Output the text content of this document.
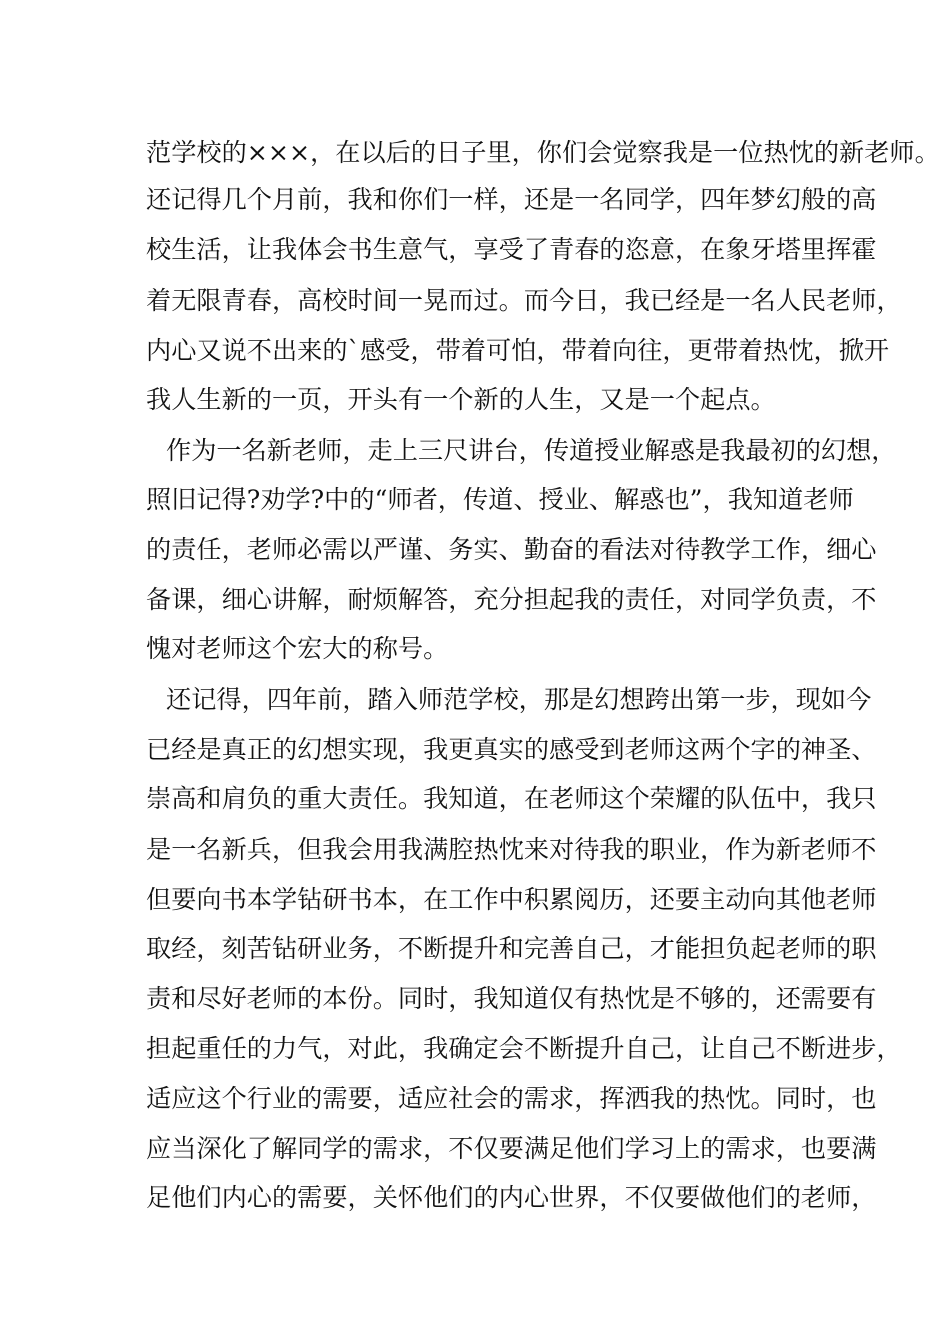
范学校的×××，在以后的日子里，你们会觉察我是一位热忱的新老师。
还记得几个月前，我和你们一样，还是一名同学，四年梦幻般的高
校生活，让我体会书生意气，享受了青春的恣意，在象牙塔里挥霍
着无限青春，高校时间一晃而过。而今日，我已经是一名人民老师，
内心又说不出来的`感受，带着可怕，带着向往，更带着热忱，掀开
我人生新的一页，开头有一个新的人生，又是一个起点。
作为一名新老师，走上三尺讲台，传道授业解惑是我最初的幻想，
照旧记得?劝学?中的“师者，传道、授业、解惑也”，我知道老师
的责任，老师必需以严谨、务实、勤奋的看法对待教学工作，细心
备课，细心讲解，耐烦解答，充分担起我的责任，对同学负责，不
愧对老师这个宏大的称号。
还记得，四年前，踏入师范学校，那是幻想跨出第一步，现如今
已经是真正的幻想实现，我更真实的感受到老师这两个字的神圣、
崇高和肩负的重大责任。我知道，在老师这个荣耀的队伍中，我只
是一名新兵，但我会用我满腔热忱来对待我的职业，作为新老师不
但要向书本学钻研书本，在工作中积累阅历，还要主动向其他老师
取经，刻苦钻研业务，不断提升和完善自己，才能担负起老师的职
责和尽好老师的本份。同时，我知道仅有热忱是不够的，还需要有
担起重任的力气，对此，我确定会不断提升自己，让自己不断进步，
适应这个行业的需要，适应社会的需求，挥洒我的热忱。同时，也
应当深化了解同学的需求，不仅要满足他们学习上的需求，也要满
足他们内心的需要，关怀他们的内心世界，不仅要做他们的老师，
